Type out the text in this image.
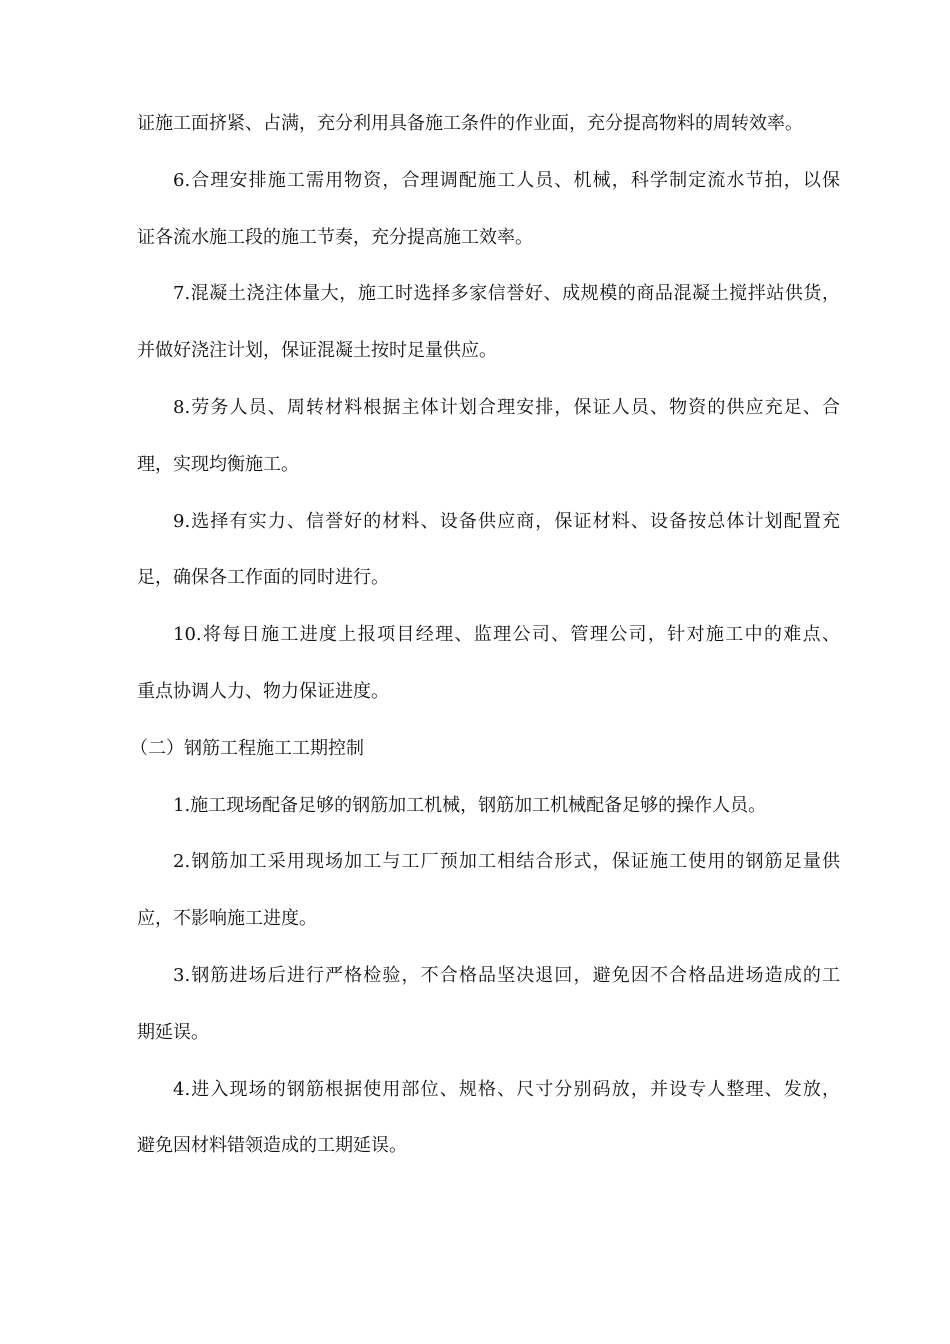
证施工面挤紧、占满，充分利用具备施工条件的作业面，充分提高物料的周转效率。
6.合理安排施工需用物资，合理调配施工人员、机械，科学制定流水节拍，以保
证各流水施工段的施工节奏，充分提高施工效率。
7.混凝土浇注体量大，施工时选择多家信誉好、成规模的商品混凝土搅拌站供货，
并做好浇注计划，保证混凝土按时足量供应。
8.劳务人员、周转材料根据主体计划合理安排，保证人员、物资的供应充足、合
理，实现均衡施工。
9.选择有实力、信誉好的材料、设备供应商，保证材料、设备按总体计划配置充
足，确保各工作面的同时进行。
10.将每日施工进度上报项目经理、监理公司、管理公司，针对施工中的难点、
重点协调人力、物力保证进度。
（二）钢筋工程施工工期控制
1.施工现场配备足够的钢筋加工机械，钢筋加工机械配备足够的操作人员。
2.钢筋加工采用现场加工与工厂预加工相结合形式，保证施工使用的钢筋足量供
应，不影响施工进度。
3.钢筋进场后进行严格检验，不合格品坚决退回，避免因不合格品进场造成的工
期延误。
4.进入现场的钢筋根据使用部位、规格、尺寸分别码放，并设专人整理、发放，
避免因材料错领造成的工期延误。
